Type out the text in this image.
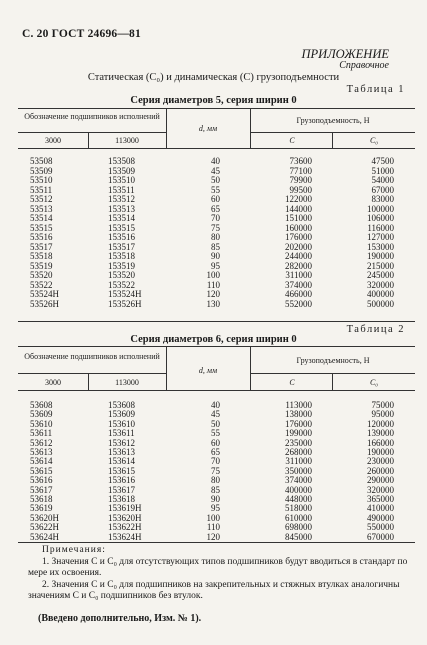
С. 20 ГОСТ 24696—81
ПРИЛОЖЕНИЕ
Справочное
Статическая (C₀) и динамическая (C) грузоподъемности
Таблица 1
Серия диаметров 5, серия ширин 0
Обозначение подшипников исполнений
3000	113000
d, мм
Грузоподъемность, Н
C	C₀
53508	153508	40	73600	47500
53509	153509	45	77100	51000
53510	153510	50	79900	54000
53511	153511	55	99500	67000
53512	153512	60	122000	83000
53513	153513	65	144000	100000
53514	153514	70	151000	106000
53515	153515	75	160000	116000
53516	153516	80	176000	127000
53517	153517	85	202000	153000
53518	153518	90	244000	190000
53519	153519	95	282000	215000
53520	153520	100	311000	245000
53522	153522	110	374000	320000
53524H	153524H	120	466000	400000
53526H	153526H	130	552000	500000
Таблица 2
Серия диаметров 6, серия ширин 0
Обозначение подшипников исполнений
3000	113000
d, мм
Грузоподъемность, Н
C	C₀
53608	153608	40	113000	75000
53609	153609	45	138000	95000
53610	153610	50	176000	120000
53611	153611	55	199000	139000
53612	153612	60	235000	166000
53613	153613	65	268000	190000
53614	153614	70	311000	230000
53615	153615	75	350000	260000
53616	153616	80	374000	290000
53617	153617	85	400000	320000
53618	153618	90	448000	365000
53619	153619H	95	518000	410000
53620H	153620H	100	610000	490000
53622H	153622H	110	698000	550000
53624H	153624H	120	845000	670000

Примечания:

1. Значения C и C₀ для отсутствующих типов подшипников будут вводиться в стандарт по мере их освоения.

2. Значения C и C₀ для подшипников на закрепительных и стяжных втулках аналогичны значениям C и C₀ подшипников без втулок.

(Введено дополнительно, Изм. № 1).
